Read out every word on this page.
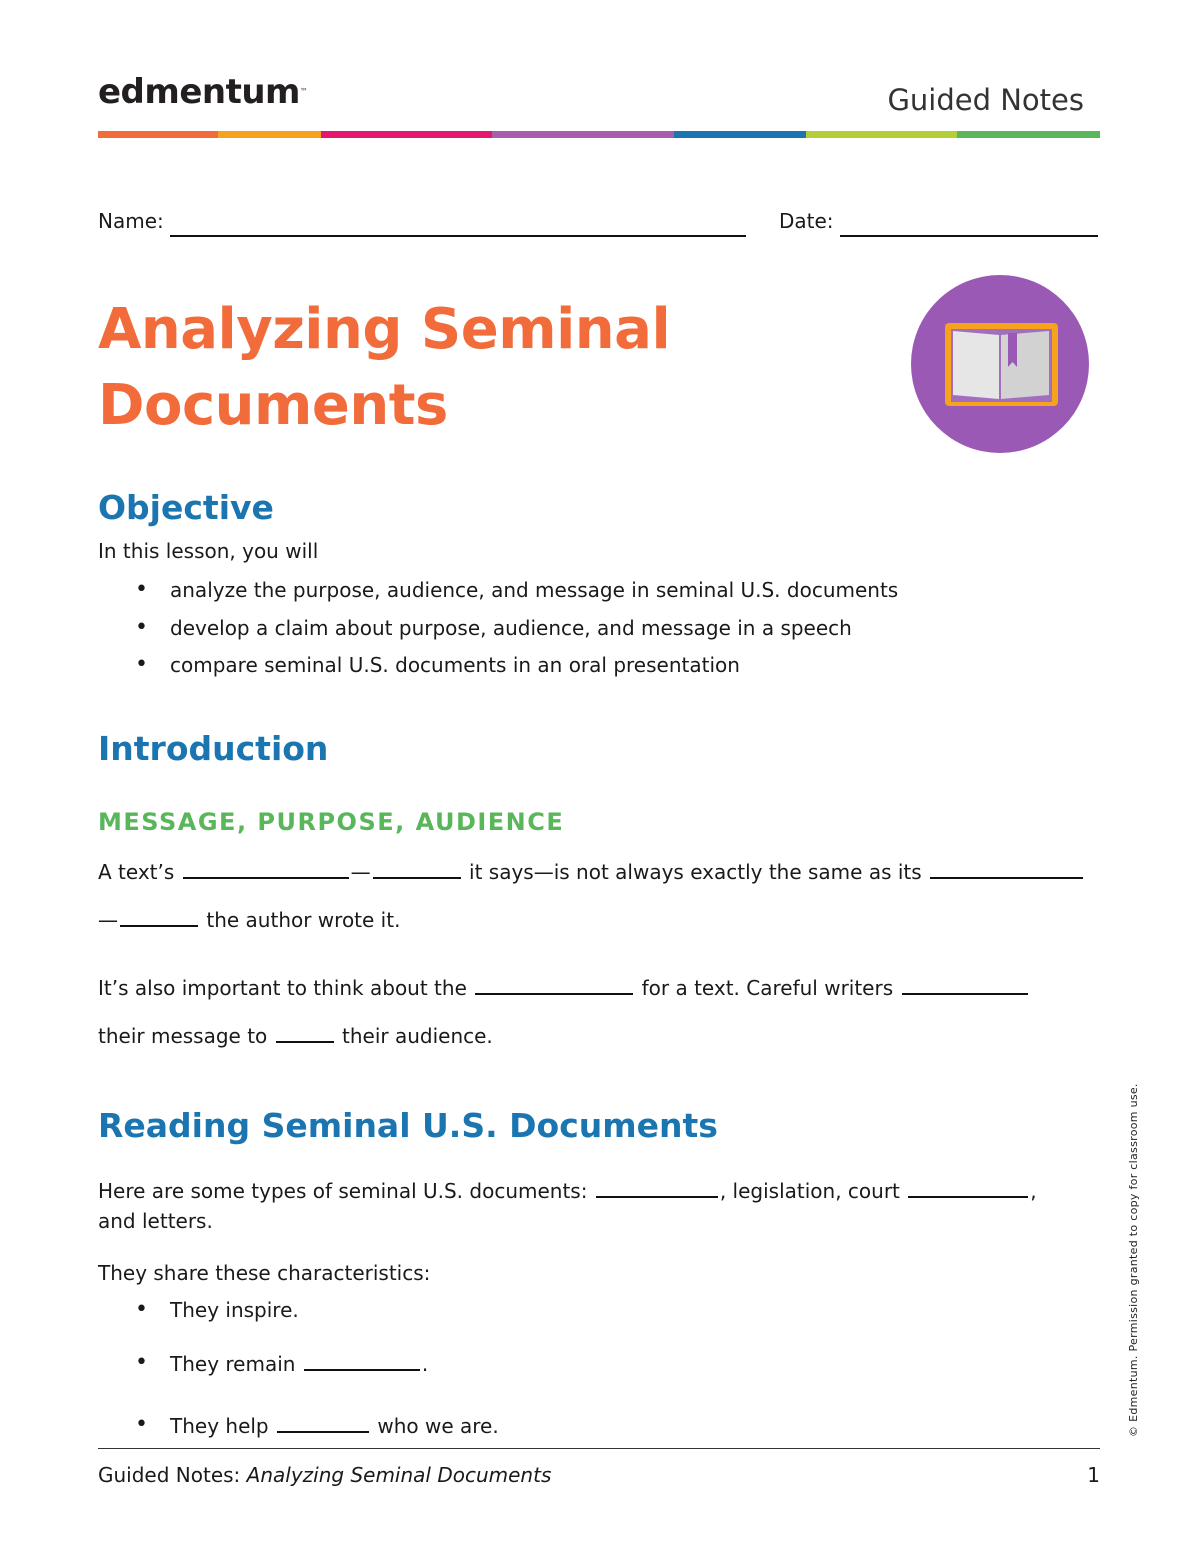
edmentum™	Guided Notes
Name:	Date:
Analyzing Seminal
Documents
Objective
In this lesson, you will
• analyze the purpose, audience, and message in seminal U.S. documents
• develop a claim about purpose, audience, and message in a speech
• compare seminal U.S. documents in an oral presentation
Introduction
MESSAGE, PURPOSE, AUDIENCE
A text’s	—	it says—is not always exactly the same as its
—	the author wrote it.
It’s also important to think about the	for a text. Careful writers
their message to	their audience.
Reading Seminal U.S. Documents
Here are some types of seminal U.S. documents:	, legislation, court	,
and letters.
They share these characteristics:
• They inspire.
• They remain	.
• They help	who we are.
Guided Notes: Analyzing Seminal Documents	1
© Edmentum. Permission granted to copy for classroom use.
